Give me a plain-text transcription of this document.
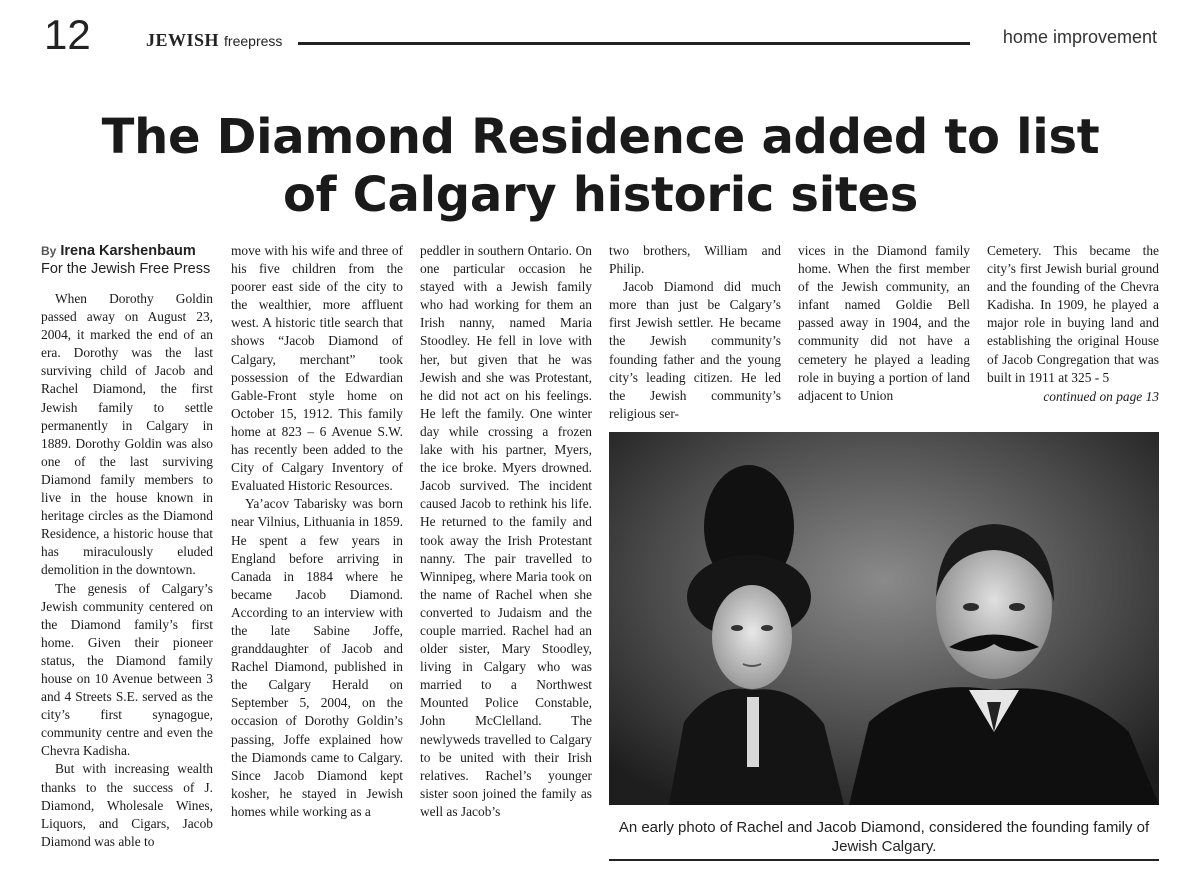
12	JEWISH freepress	home improvement
The Diamond Residence added to list
of Calgary historic sites
By Irena Karshenbaum
For the Jewish Free Press

When Dorothy Goldin passed away on August 23, 2004, it marked the end of an era. Dorothy was the last surviving child of Jacob and Rachel Diamond, the first Jewish family to settle permanently in Calgary in 1889. Dorothy Goldin was also one of the last surviving Diamond family members to live in the house known in heritage circles as the Diamond Residence, a historic house that has miraculously eluded demolition in the downtown.

The genesis of Calgary’s Jewish community centered on the Diamond family’s first home. Given their pioneer status, the Diamond family house on 10 Avenue between 3 and 4 Streets S.E. served as the city’s first synagogue, community centre and even the Chevra Kadisha.

But with increasing wealth thanks to the success of J. Diamond, Wholesale Wines, Liquors, and Cigars, Jacob Diamond was able to

move with his wife and three of his five children from the poorer east side of the city to the wealthier, more affluent west. A historic title search that shows “Jacob Diamond of Calgary, merchant” took possession of the Edwardian Gable-Front style home on October 15, 1912. This family home at 823 – 6 Avenue S.W. has recently been added to the City of Calgary Inventory of Evaluated Historic Resources.

Ya’acov Tabarisky was born near Vilnius, Lithuania in 1859. He spent a few years in England before arriving in Canada in 1884 where he became Jacob Diamond. According to an interview with the late Sabine Joffe, granddaughter of Jacob and Rachel Diamond, published in the Calgary Herald on September 5, 2004, on the occasion of Dorothy Goldin’s passing, Joffe explained how the Diamonds came to Calgary. Since Jacob Diamond kept kosher, he stayed in Jewish homes while working as a

peddler in southern Ontario. On one particular occasion he stayed with a Jewish family who had working for them an Irish nanny, named Maria Stoodley. He fell in love with her, but given that he was Jewish and she was Protestant, he did not act on his feelings. He left the family. One winter day while crossing a frozen lake with his partner, Myers, the ice broke. Myers drowned. Jacob survived. The incident caused Jacob to rethink his life. He returned to the family and took away the Irish Protestant nanny. The pair travelled to Winnipeg, where Maria took on the name of Rachel when she converted to Judaism and the couple married. Rachel had an older sister, Mary Stoodley, living in Calgary who was married to a Northwest Mounted Police Constable, John McClelland. The newlyweds travelled to Calgary to be united with their Irish relatives. Rachel’s younger sister soon joined the family as well as Jacob’s

two brothers, William and Philip.

Jacob Diamond did much more than just be Calgary’s first Jewish settler. He became the Jewish community’s founding father and the young city’s leading citizen. He led the Jewish community’s religious ser-

vices in the Diamond family home. When the first member of the Jewish community, an infant named Goldie Bell passed away in 1904, and the community did not have a cemetery he played a leading role in buying a portion of land adjacent to Union

Cemetery. This became the city’s first Jewish burial ground and the founding of the Chevra Kadisha. In 1909, he played a major role in buying land and establishing the original House of Jacob Congregation that was built in 1911 at 325 - 5

continued on page 13
An early photo of Rachel and Jacob Diamond, considered the founding family of Jewish Calgary.
